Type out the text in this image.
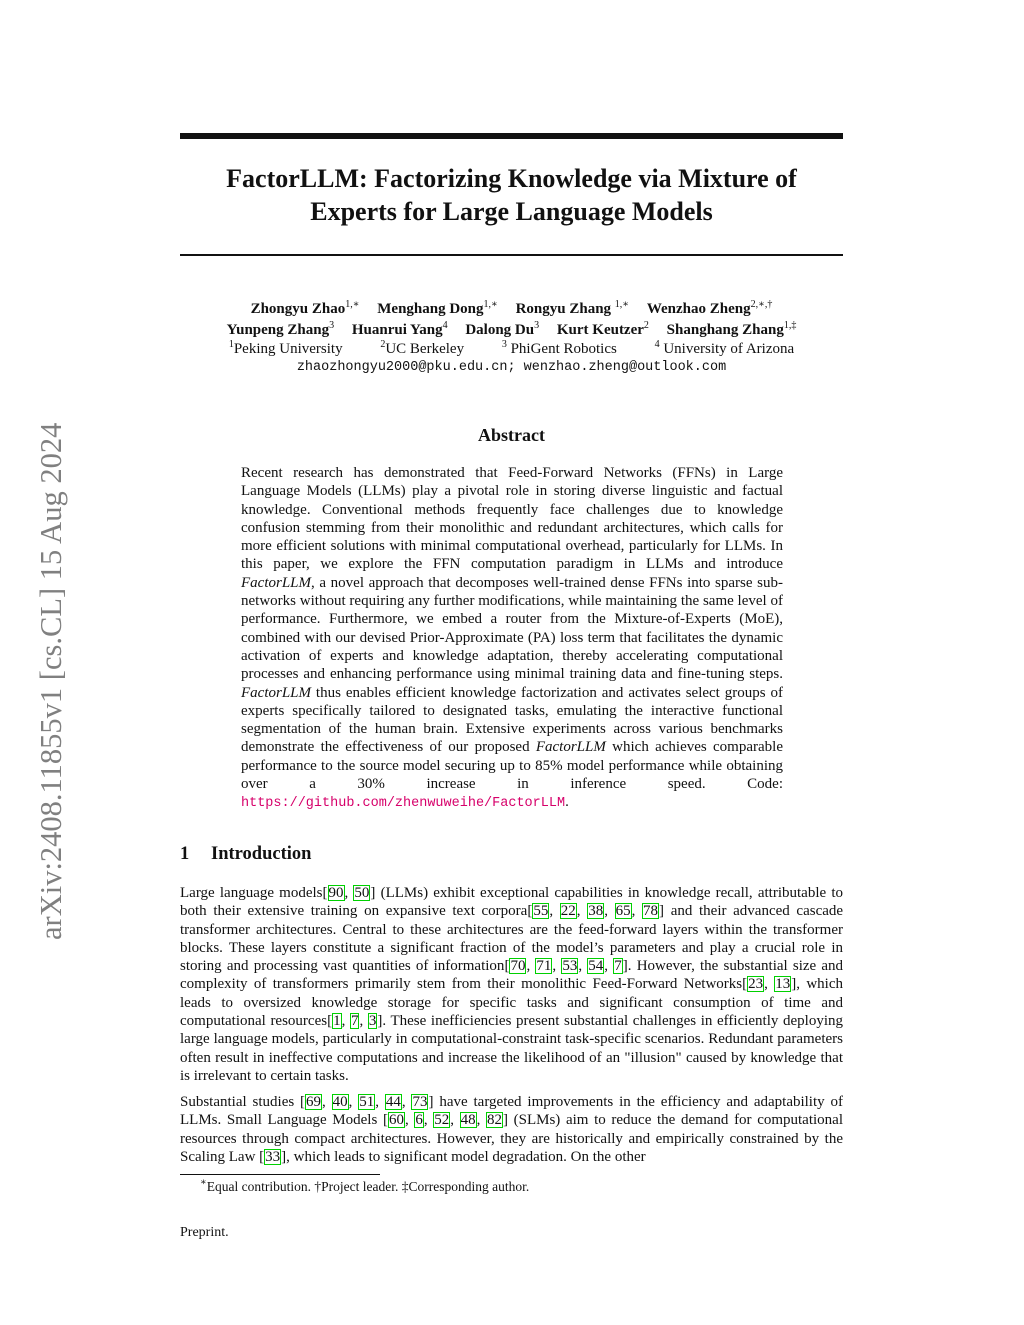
arXiv:2408.11855v1 [cs.CL] 15 Aug 2024
FactorLLM: Factorizing Knowledge via Mixture of Experts for Large Language Models
Zhongyu Zhao$^{1,∗}$ Menghang Dong$^{1,∗}$ Rongyu Zhang $^{1,∗}$ Wenzhao Zheng$^{2,∗,\dagger}$
Yunpeng Zhang$^3$ Huanrui Yang$^4$ Dalong Du$^3$ Kurt Keutzer$^2$ Shanghang Zhang$^{1,\ddagger}$
$^1$Peking University	$^2$UC Berkeley	$^3$ PhiGent Robotics	$^4$ University of Arizona
zhaozhongyu2000@pku.edu.cn; wenzhao.zheng@outlook.com
Abstract

Recent research has demonstrated that Feed-Forward Networks (FFNs) in Large Language Models (LLMs) play a pivotal role in storing diverse linguistic and factual knowledge. Conventional methods frequently face challenges due to knowledge confusion stemming from their monolithic and redundant architectures, which calls for more efficient solutions with minimal computational overhead, particularly for LLMs. In this paper, we explore the FFN computation paradigm in LLMs and introduce FactorLLM, a novel approach that decomposes well-trained dense FFNs into sparse sub-networks without requiring any further modifications, while maintaining the same level of performance. Furthermore, we embed a router from the Mixture-of-Experts (MoE), combined with our devised Prior-Approximate (PA) loss term that facilitates the dynamic activation of experts and knowledge adaptation, thereby accelerating computational processes and enhancing performance using minimal training data and fine-tuning steps. FactorLLM thus enables efficient knowledge factorization and activates select groups of experts specifically tailored to designated tasks, emulating the interactive functional segmentation of the human brain. Extensive experiments across various benchmarks demonstrate the effectiveness of our proposed FactorLLM which achieves comparable performance to the source model securing up to 85% model performance while obtaining over a 30% increase in inference speed. Code: https://github.com/zhenwuweihe/FactorLLM.

1 Introduction

Large language models[90, 50] (LLMs) exhibit exceptional capabilities in knowledge recall, attributable to both their extensive training on expansive text corpora[55, 22, 38, 65, 78] and their advanced cascade transformer architectures. Central to these architectures are the feed-forward layers within the transformer blocks. These layers constitute a significant fraction of the model’s parameters and play a crucial role in storing and processing vast quantities of information[70, 71, 53, 54, 7]. However, the substantial size and complexity of transformers primarily stem from their monolithic Feed-Forward Networks[23, 13], which leads to oversized knowledge storage for specific tasks and significant consumption of time and computational resources[1, 7, 3]. These inefficiencies present substantial challenges in efficiently deploying large language models, particularly in computational-constraint task-specific scenarios. Redundant parameters often result in ineffective computations and increase the likelihood of an "illusion" caused by knowledge that is irrelevant to certain tasks.

Substantial studies [69, 40, 51, 44, 73] have targeted improvements in the efficiency and adaptability of LLMs. Small Language Models [60, 6, 52, 48, 82] (SLMs) aim to reduce the demand for computational resources through compact architectures. However, they are historically and empirically constrained by the Scaling Law [33], which leads to significant model degradation. On the other

∗Equal contribution. †Project leader. ‡Corresponding author.

Preprint.
